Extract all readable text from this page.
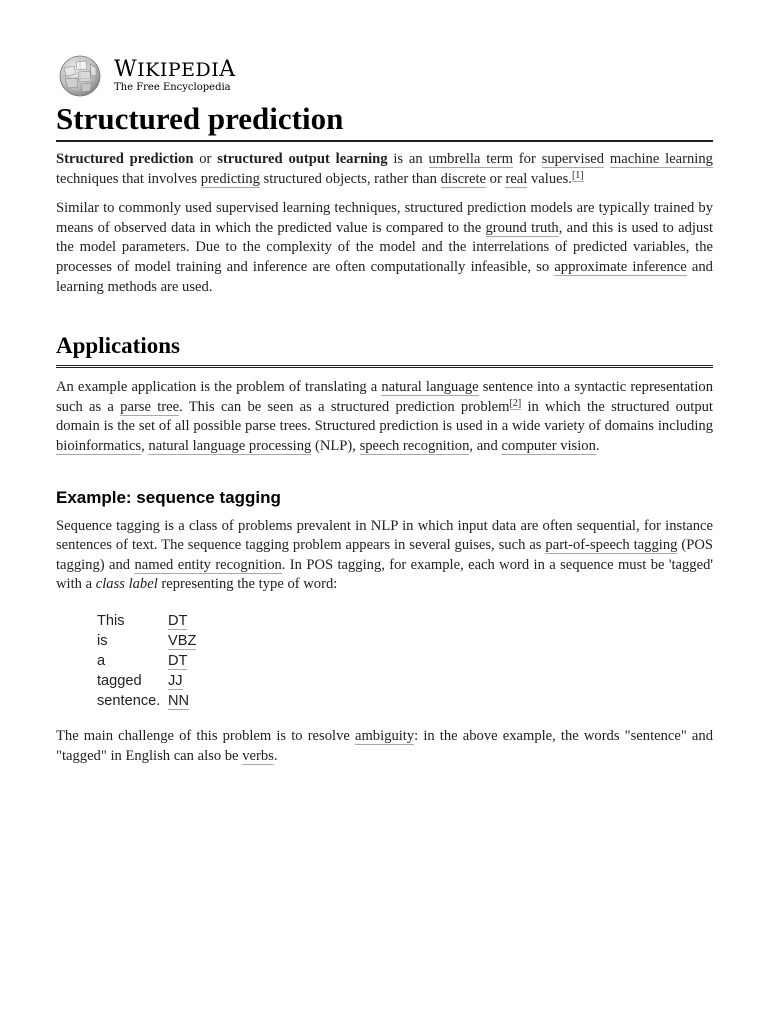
WIKIPEDIA
The Free Encyclopedia
Structured prediction

Structured prediction or structured output learning is an umbrella term for supervised machine learning techniques that involves predicting structured objects, rather than discrete or real values.[1]

Similar to commonly used supervised learning techniques, structured prediction models are typically trained by means of observed data in which the predicted value is compared to the ground truth, and this is used to adjust the model parameters. Due to the complexity of the model and the interrelations of predicted variables, the processes of model training and inference are often computationally infeasible, so approximate inference and learning methods are used.

Applications

An example application is the problem of translating a natural language sentence into a syntactic representation such as a parse tree. This can be seen as a structured prediction problem[2] in which the structured output domain is the set of all possible parse trees. Structured prediction is used in a wide variety of domains including bioinformatics, natural language processing (NLP), speech recognition, and computer vision.

Example: sequence tagging

Sequence tagging is a class of problems prevalent in NLP in which input data are often sequential, for instance sentences of text. The sequence tagging problem appears in several guises, such as part-of-speech tagging (POS tagging) and named entity recognition. In POS tagging, for example, each word in a sequence must be 'tagged' with a class label representing the type of word:

This	DT
is	VBZ
a	DT
tagged	JJ
sentence.	NN

The main challenge of this problem is to resolve ambiguity: in the above example, the words "sentence" and "tagged" in English can also be verbs.
